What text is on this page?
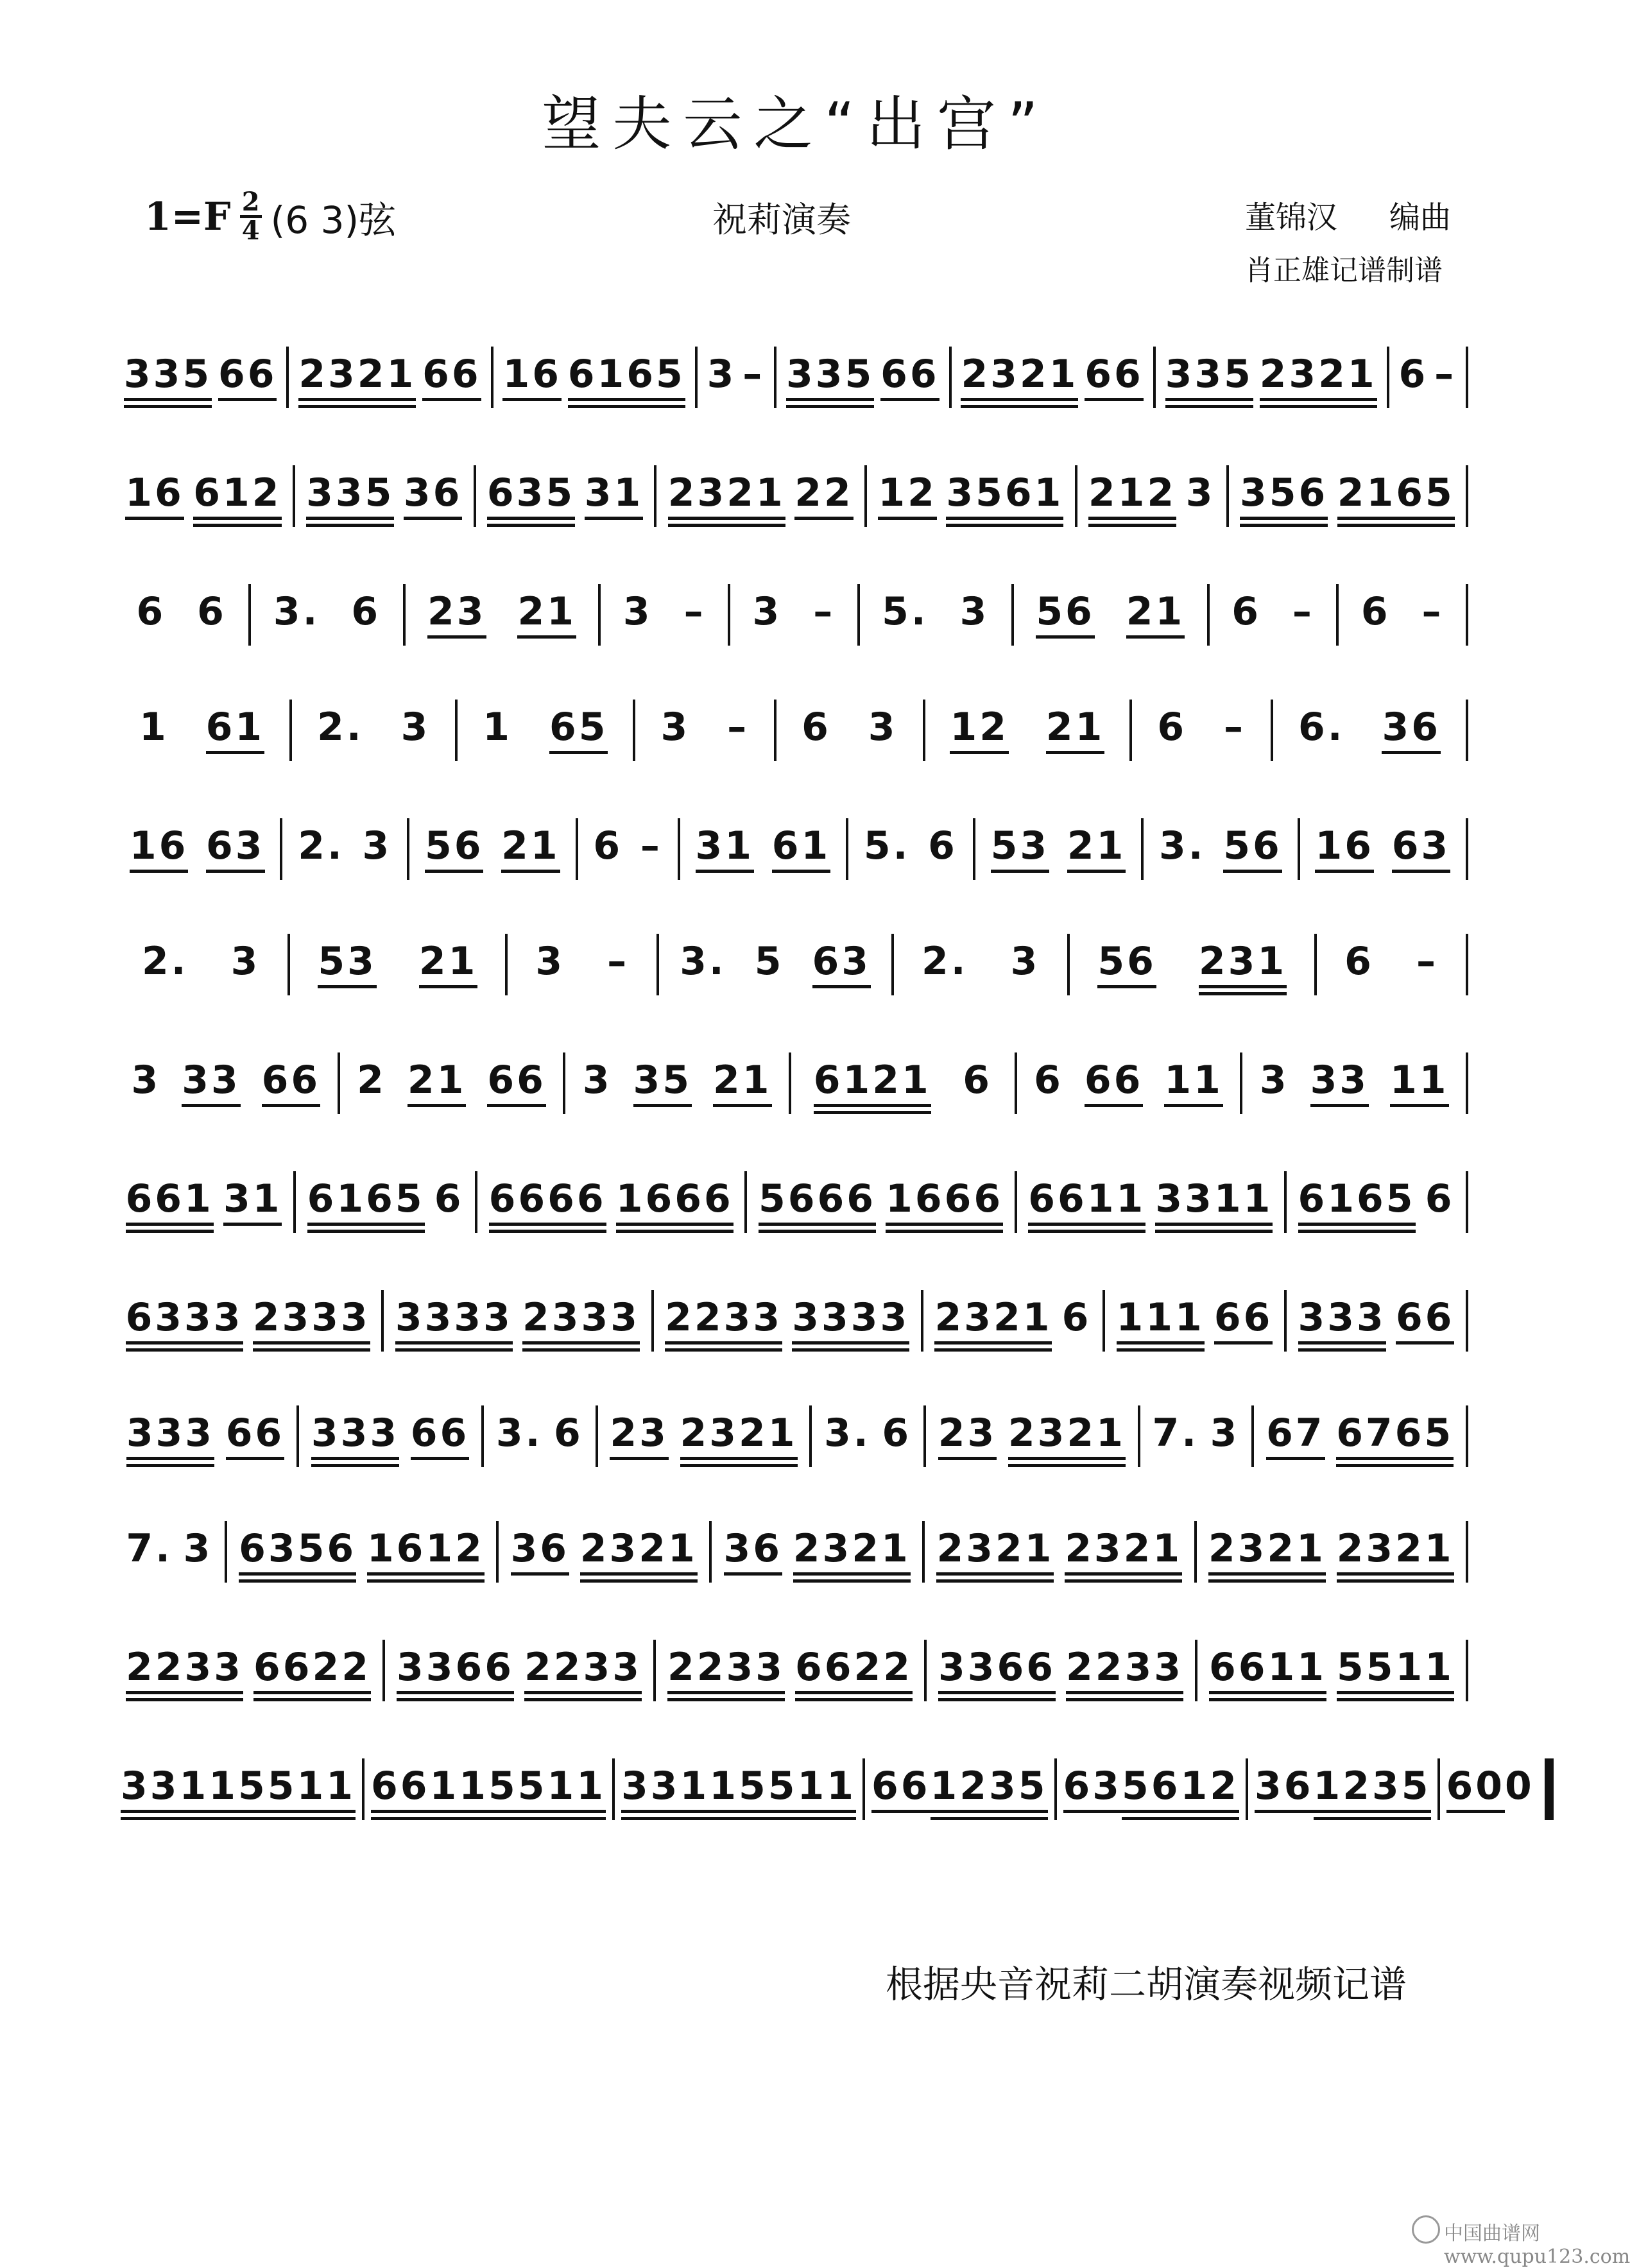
望夫云之“出宫”
1=F 2
4 (6 3)弦	祝莉演奏	董锦汉 编曲
肖正雄记谱制谱
335 66 2321 66 16 6165 3 – 335 66 2321 66 335 2321 6 –
16 612 335 36 635 31 2321 22 12 3561 212 3 356 2165
6 6 3. 6 23 21 3 – 3 – 5. 3 56 21 6 – 6 –
1 61 2. 3 1 65 3 – 6 3 12 21 6 – 6. 36
16 63 2. 3 56 21 6 – 31 61 5. 6 53 21 3. 56 16 63
2. 3 53 21 3 – 3. 5 63 2. 3 56 231 6 –
3 33 66 2 21 66 3 35 21 6121 6 6 66 11 3 33 11
661 31 6165 6 6666 1666 5666 1666 6611 3311 6165 6
6333 2333 3333 2333 2233 3333 2321 6 111 66 333 66
333 66 333 66 3. 6 23 2321 3. 6 23 2321 7. 3 67 6765
7. 3 6356 1612 36 2321 36 2321 2321 2321 2321 2321
2233 6622 3366 2233 2233 6622 3366 2233 6611 5511
3311 5511 6611 5511 3311 5511 66 1235 63 5612 36 1235 60 0
根据央音祝莉二胡演奏视频记谱
中国曲谱网 www.qupu123.com
